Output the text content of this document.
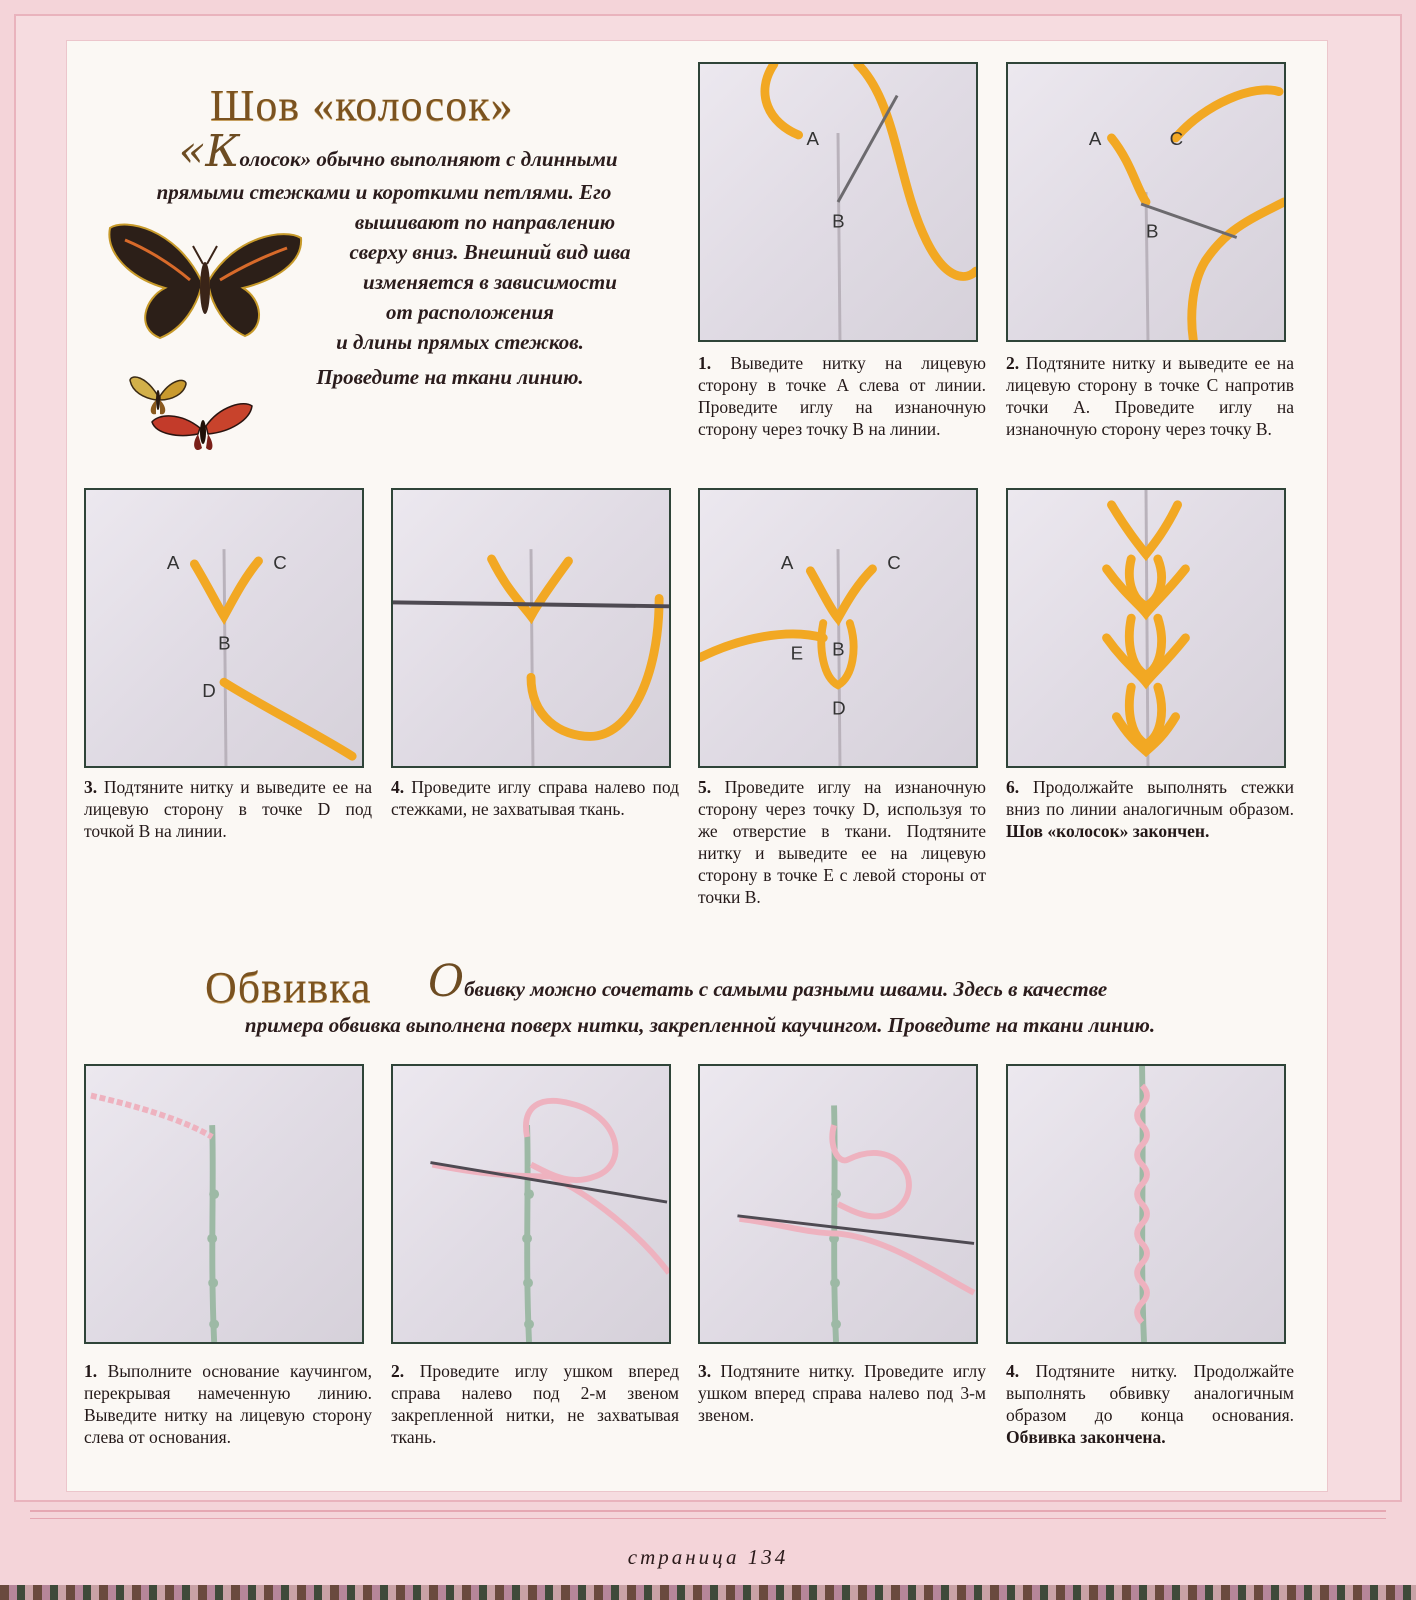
Шов «колосок»

«Колосок» обычно выполняют с длинными

прямыми стежками и короткими петлями. Его

вышивают по направлению

сверху вниз. Внешний вид шва

изменяется в зависимости

от расположения

и длины прямых стежков.

Проведите на ткани линию.

A
B
A	C
B

1. Выведите нитку на лицевую сторону в точке А слева от линии. Проведите иглу на изнаночную сторону через точку В на линии.

2. Подтяните нитку и выведите ее на лицевую сторону в точке С напротив точки А. Проведите иглу на изнаночную сторону через точку В.

A	C
B
D
A	C
E B
D

3. Подтяните нитку и выведите ее на лицевую сторону в точке D под точкой В на линии.

4. Проведите иглу справа налево под стежками, не захватывая ткань.

5. Проведите иглу на изнаночную сторону через точку D, используя то же отверстие в ткани. Подтяните нитку и выведите ее на лицевую сторону в точке Е с левой стороны от точки В.

6. Продолжайте выполнять стежки вниз по линии аналогичным образом. Шов «колосок» закончен.

Обвивка Обвивку можно сочетать с самыми разными швами. Здесь в качестве

примера обвивка выполнена поверх нитки, закрепленной каучингом. Проведите на ткани линию.

1. Выполните основание каучингом, перекрывая намеченную линию. Выведите нитку на лицевую сторону слева от основания.

2. Проведите иглу ушком вперед справа налево под 2-м звеном закрепленной нитки, не захватывая ткань.

3. Подтяните нитку. Проведите иглу ушком вперед справа налево под 3-м звеном.

4. Подтяните нитку. Продолжайте выполнять обвивку аналогичным образом до конца основания. Обвивка закончена.

страница 134
